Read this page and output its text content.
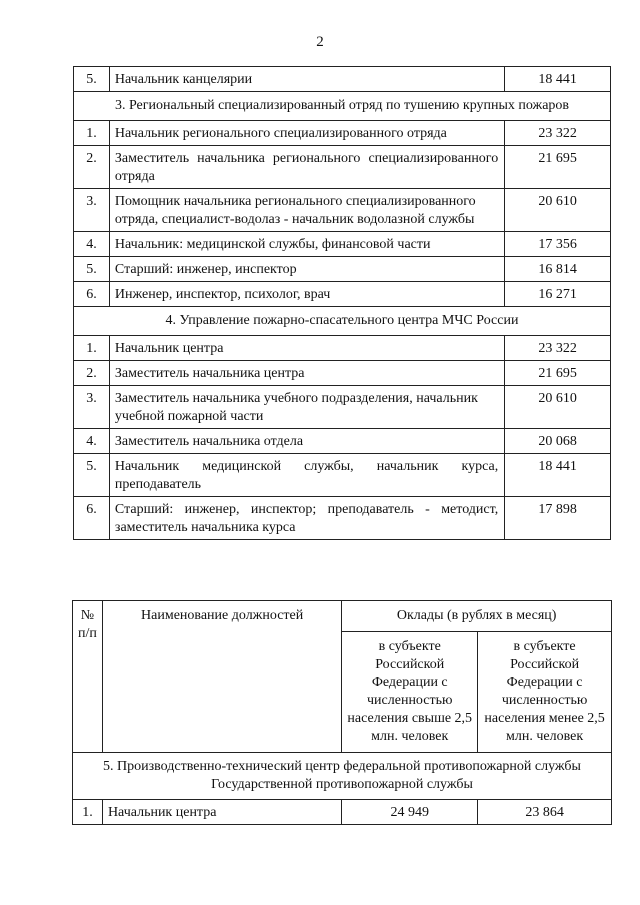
2
5.	Начальник канцелярии	18 441
3. Региональный специализированный отряд по тушению крупных пожаров		
1.	Начальник регионального специализированного отряда	23 322
2.	Заместитель начальника регионального специализированного отряда	21 695
3.	Помощник начальника регионального специализированного отряда, специалист-водолаз - начальник водолазной службы	20 610
4.	Начальник: медицинской службы, финансовой части	17 356
5.	Старший: инженер, инспектор	16 814
6.	Инженер, инспектор, психолог, врач	16 271
4. Управление пожарно-спасательного центра МЧС России		
1.	Начальник центра	23 322
2.	Заместитель начальника центра	21 695
3.	Заместитель начальника учебного подразделения, начальник учебной пожарной части	20 610
4.	Заместитель начальника отдела	20 068
5.	Начальник медицинской службы, начальник курса, преподаватель	18 441
6.	Старший: инженер, инспектор; преподаватель - методист, заместитель начальника курса	17 898
№ п/п	Наименование должностей	Оклады (в рублях в месяц)	
		в субъекте Российской Федерации с численностью населения свыше 2,5 млн. человек	в субъекте Российской Федерации с численностью населения менее 2,5 млн. человек
5. Производственно-технический центр федеральной противопожарной службы Государственной противопожарной службы			
1.	Начальник центра	24 949	23 864
